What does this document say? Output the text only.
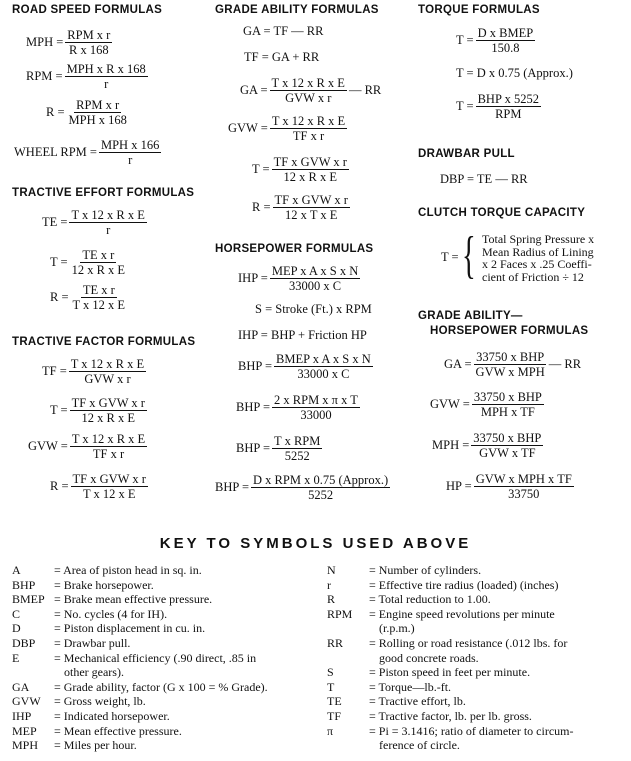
ROAD SPEED FORMULAS
MPH = RPM x r
R x 168
RPM = MPH x R x 168
r
R = RPM x r
MPH x 168
WHEEL RPM = MPH x 166
r
TRACTIVE EFFORT FORMULAS
TE = $\frac{\text{T x 12 x R x E}}{r}$
$T = \frac{\text{TE x r}}{\text{12 x R x E}}$
$R = \frac{\text{TE x r}}{\text{T x 12 x E}}$
TRACTIVE FACTOR FORMULAS
TF = T x 12 x R x E
GVW x r
T = TF x GVW x r
12 x R x E
GVW = $\frac{\text{T x 12 x R x E}}{\text{TF x r}}$
R = TF x GVW x r
T x 12 x E
GRADE ABILITY FORMULAS
GA = TF — RR
TF = GA + RR
GA = T x 12 x R x E
GVW x r
— RR
GVW = $\frac{\text{T x 12 x R x E}}{\text{TF x r}}$
T = TF x GVW x r
12 x R x E
R = TF x GVW x r
12 x T x E
HORSEPOWER FORMULAS
IHP = MEP x A x S x N
33000 x C
S = Stroke (Ft.) x RPM
IHP = BHP + Friction HP
BHP = BMEP x A x S x N
33000 x C
BHP = 2 x RPM x π x T
33000
BHP = T x RPM
5252
BHP = D x RPM x 0.75 (Approx.)
5252
TORQUE FORMULAS
T = D x BMEP
150.8
T = D x 0.75 (Approx.)
T = BHP x 5252
RPM
DRAWBAR PULL
DBP = TE — RR
CLUTCH TORQUE CAPACITY
T = { Total Spring Pressure x
Mean Radius of Lining
x 2 Faces x .25 Coeffi-
cient of Friction ÷ 12
GRADE ABILITY—
HORSEPOWER FORMULAS
GA = 33750 x BHP
GVW x MPH
— RR
GVW = 33750 x BHP
MPH x TF
MPH = 33750 x BHP
GVW x TF
HP = GVW x MPH x TF
33750
KEY TO SYMBOLS USED ABOVE
A	= Area of piston head in sq. in.
BHP	= Brake horsepower.
BMEP = Brake mean effective pressure.
C	= No. cycles (4 for IH).
D	= Piston displacement in cu. in.
DBP	= Drawbar pull.
E	= Mechanical efficiency (.90 direct, .85 in
other gears).
GA	= Grade ability, factor (G x 100 = % Grade).
GVW	= Gross weight, lb.
IHP	= Indicated horsepower.
MEP	= Mean effective pressure.
MPH	= Miles per hour.
N	= Number of cylinders.
r	= Effective tire radius (loaded) (inches)
R	= Total reduction to 1.00.
RPM	= Engine speed revolutions per minute
(r.p.m.)
RR	= Rolling or road resistance (.012 lbs. for
good concrete roads.
S	= Piston speed in feet per minute.
T	= Torque—lb.-ft.
TE	= Tractive effort, lb.
TF	= Tractive factor, lb. per lb. gross.
π	= Pi = 3.1416; ratio of diameter to circum-
ference of circle.
